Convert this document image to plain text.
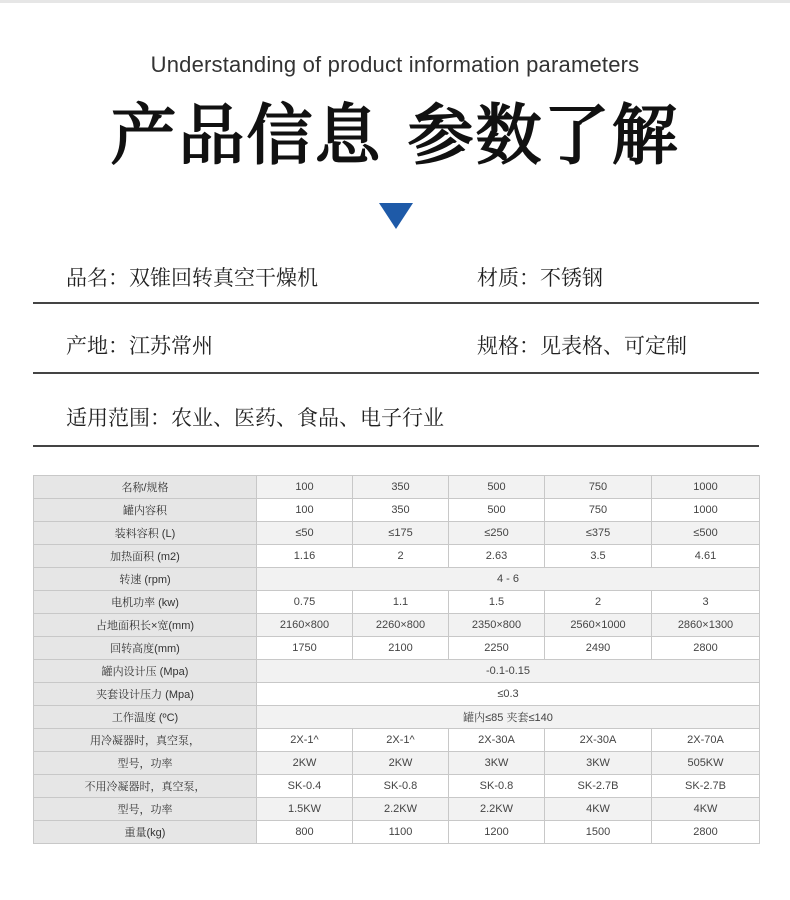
Understanding of product information parameters
产品信息 参数了解
品名：双锥回转真空干燥机	材质：不锈钢
产地：江苏常州	规格：见表格、可定制
适用范围：农业、医药、食品、电子行业
名称/规格	100	350	500	750	1000
罐内容积	100	350	500	750	1000
装料容积 (L)	≤50	≤175	≤250	≤375	≤500
加热面积 (m2)	1.16	2	2.63	3.5	4.61
转速 (rpm)	4 - 6				
电机功率 (kw)	0.75	1.1	1.5	2	3
占地面积长×宽(mm)	2160×800	2260×800	2350×800	2560×1000	2860×1300
回转高度(mm)	1750	2100	2250	2490	2800
罐内设计压 (Mpa)	-0.1-0.15				
夹套设计压力 (Mpa)	≤0.3				
工作温度 (ºC)	罐内≤85 夹套≤140				
用冷凝器时，真空泵，	2X-1^	2X-1^	2X-30A	2X-30A	2X-70A
型号，功率	2KW	2KW	3KW	3KW	505KW
不用冷凝器时，真空泵，	SK-0.4	SK-0.8	SK-0.8	SK-2.7B	SK-2.7B
型号，功率	1.5KW	2.2KW	2.2KW	4KW	4KW
重量(kg)	800	1100	1200	1500	2800
